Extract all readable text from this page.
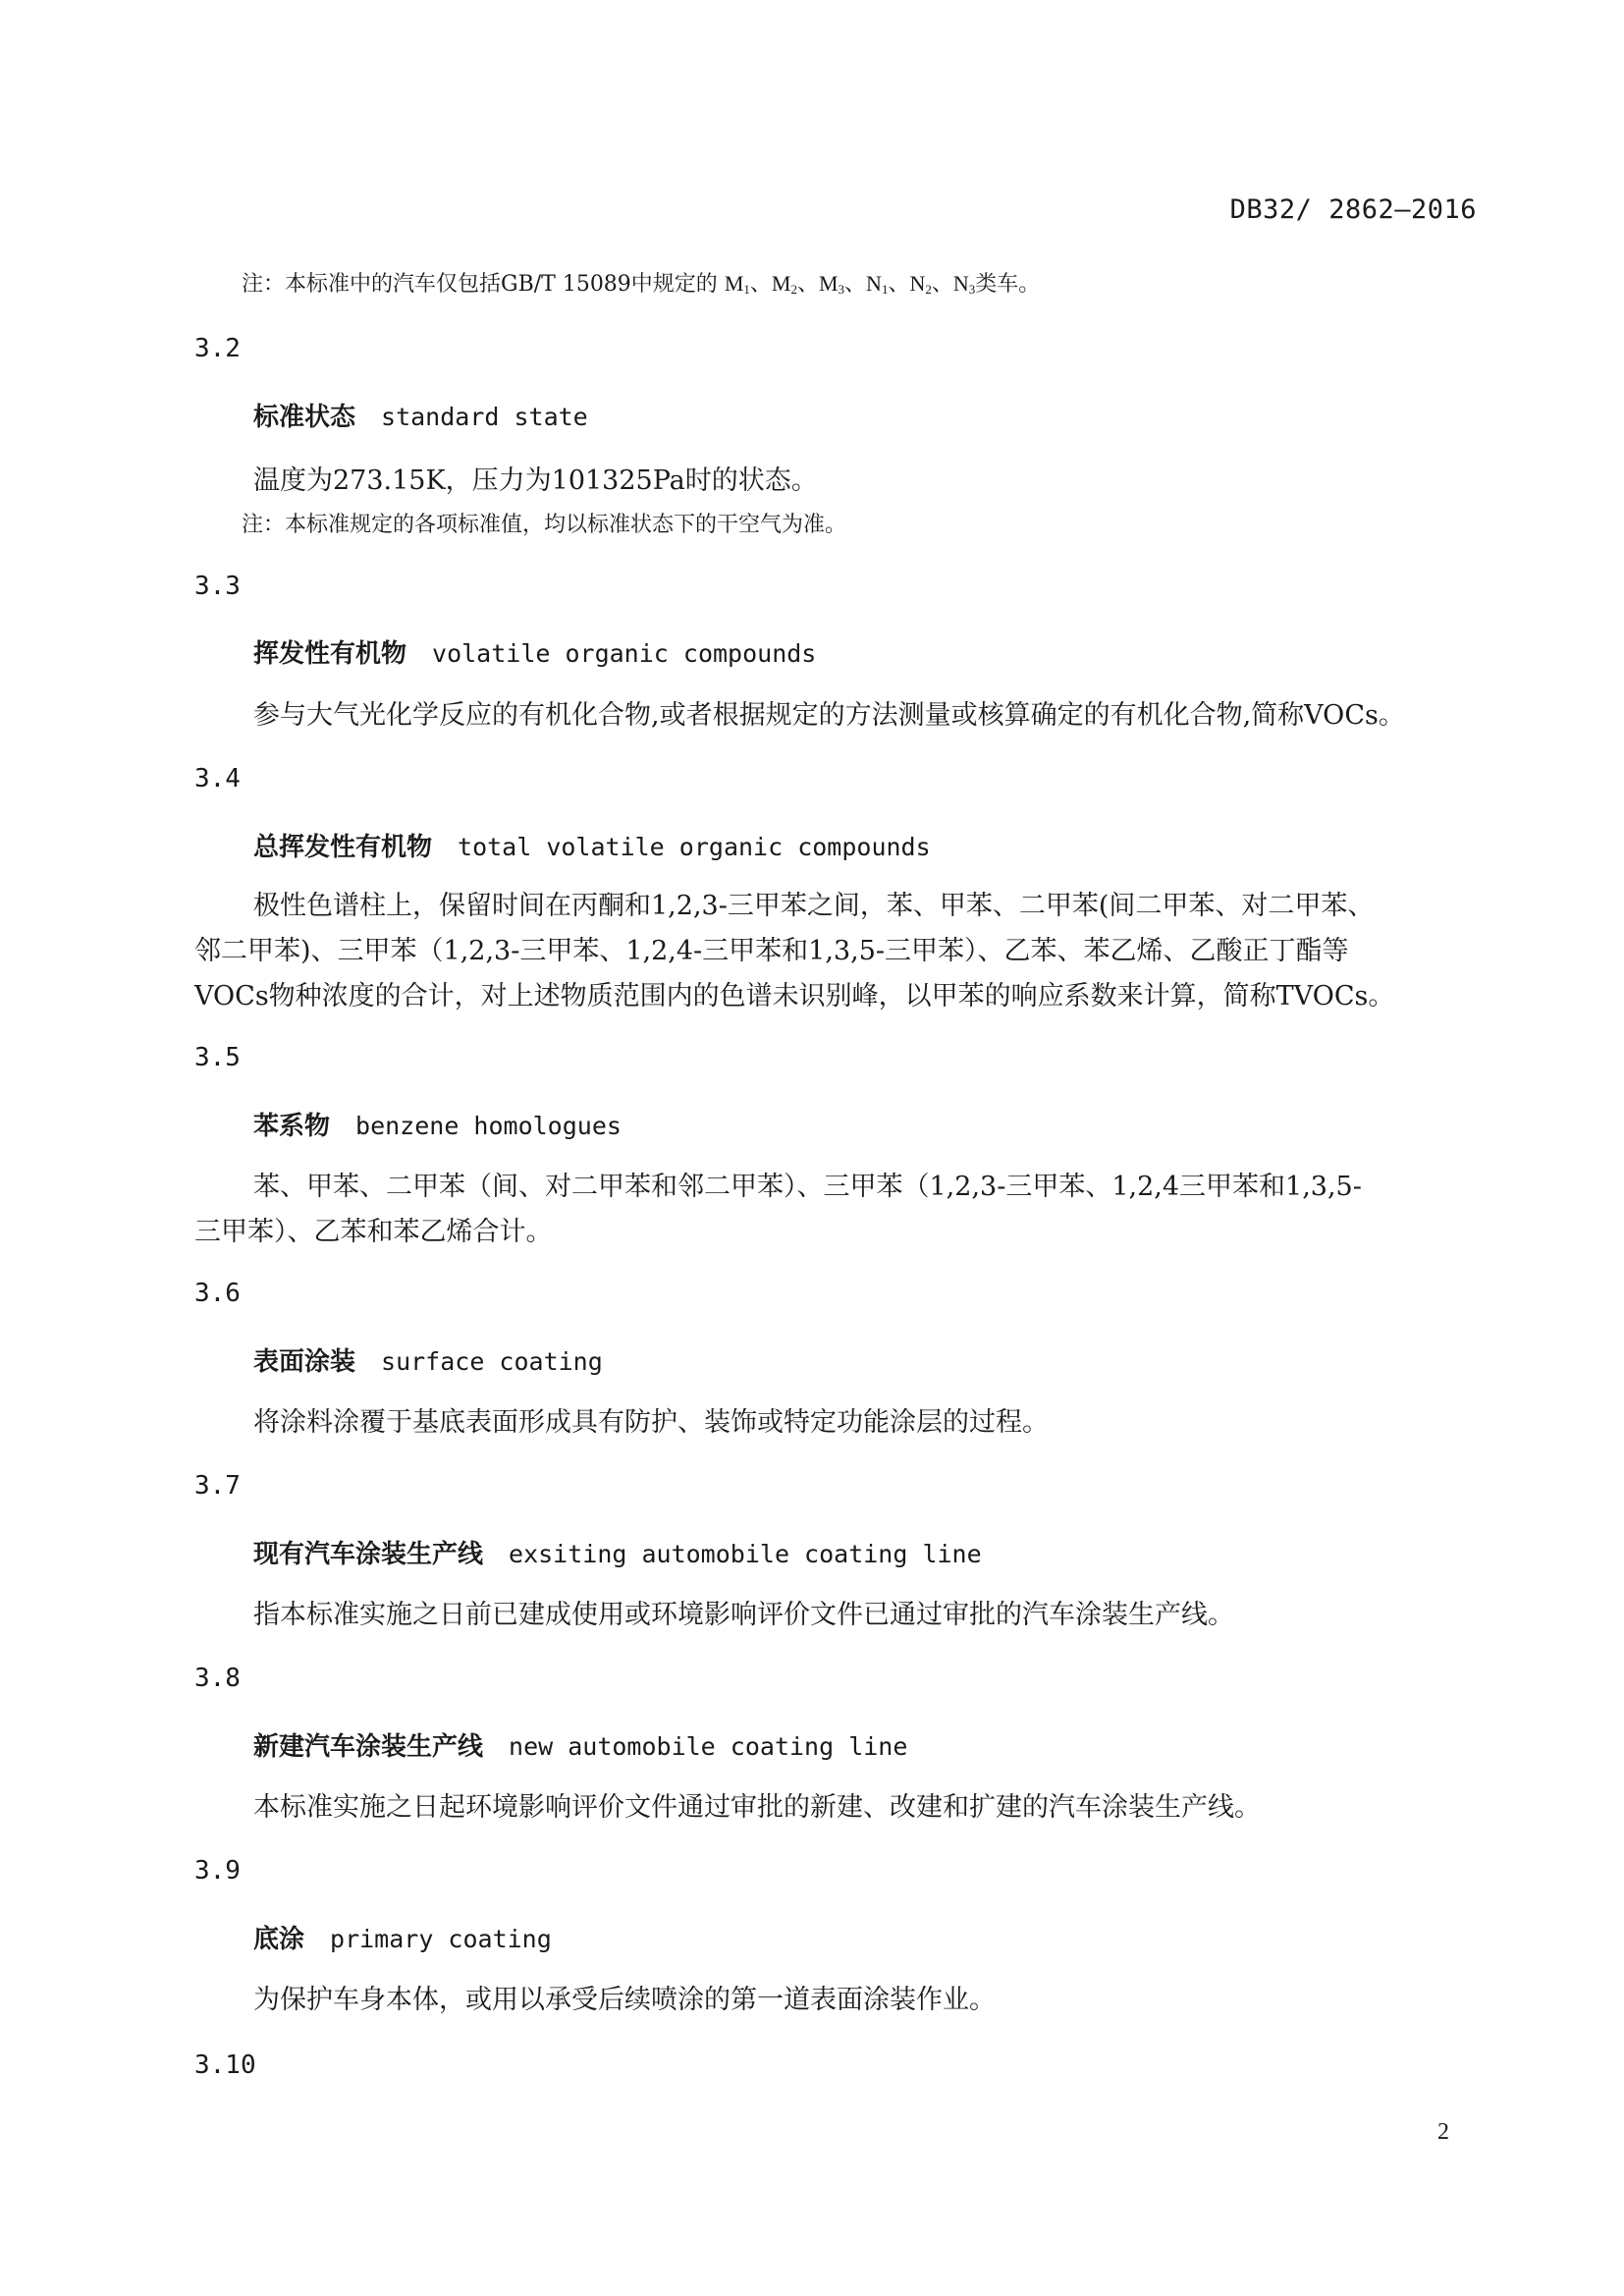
DB32/ 2862—2016
注：本标准中的汽车仅包括GB/T 15089中规定的 $M_1$、$M_2$、$M_3$、$N_1$、$N_2$、$N_3$类车。
3.2
标准状态 standard state
温度为273.15K，压力为101325Pa时的状态。
注：本标准规定的各项标准值，均以标准状态下的干空气为准。
3.3
挥发性有机物 volatile organic compounds
参与大气光化学反应的有机化合物,或者根据规定的方法测量或核算确定的有机化合物,简称VOCs。
3.4
总挥发性有机物 total volatile organic compounds
极性色谱柱上，保留时间在丙酮和1,2,3-三甲苯之间，苯、甲苯、二甲苯(间二甲苯、对二甲苯、
邻二甲苯)、三甲苯（1,2,3-三甲苯、1,2,4-三甲苯和1,3,5-三甲苯）、乙苯、苯乙烯、乙酸正丁酯等
VOCs物种浓度的合计，对上述物质范围内的色谱未识别峰，以甲苯的响应系数来计算，简称TVOCs。
3.5
苯系物 benzene homologues
苯、甲苯、二甲苯（间、对二甲苯和邻二甲苯）、三甲苯（1,2,3-三甲苯、1,2,4三甲苯和1,3,5-
三甲苯）、乙苯和苯乙烯合计。
3.6
表面涂装 surface coating
将涂料涂覆于基底表面形成具有防护、装饰或特定功能涂层的过程。
3.7
现有汽车涂装生产线 exsiting automobile coating line
指本标准实施之日前已建成使用或环境影响评价文件已通过审批的汽车涂装生产线。
3.8
新建汽车涂装生产线 new automobile coating line
本标准实施之日起环境影响评价文件通过审批的新建、改建和扩建的汽车涂装生产线。
3.9
底涂 primary coating
为保护车身本体，或用以承受后续喷涂的第一道表面涂装作业。
3.10
2
